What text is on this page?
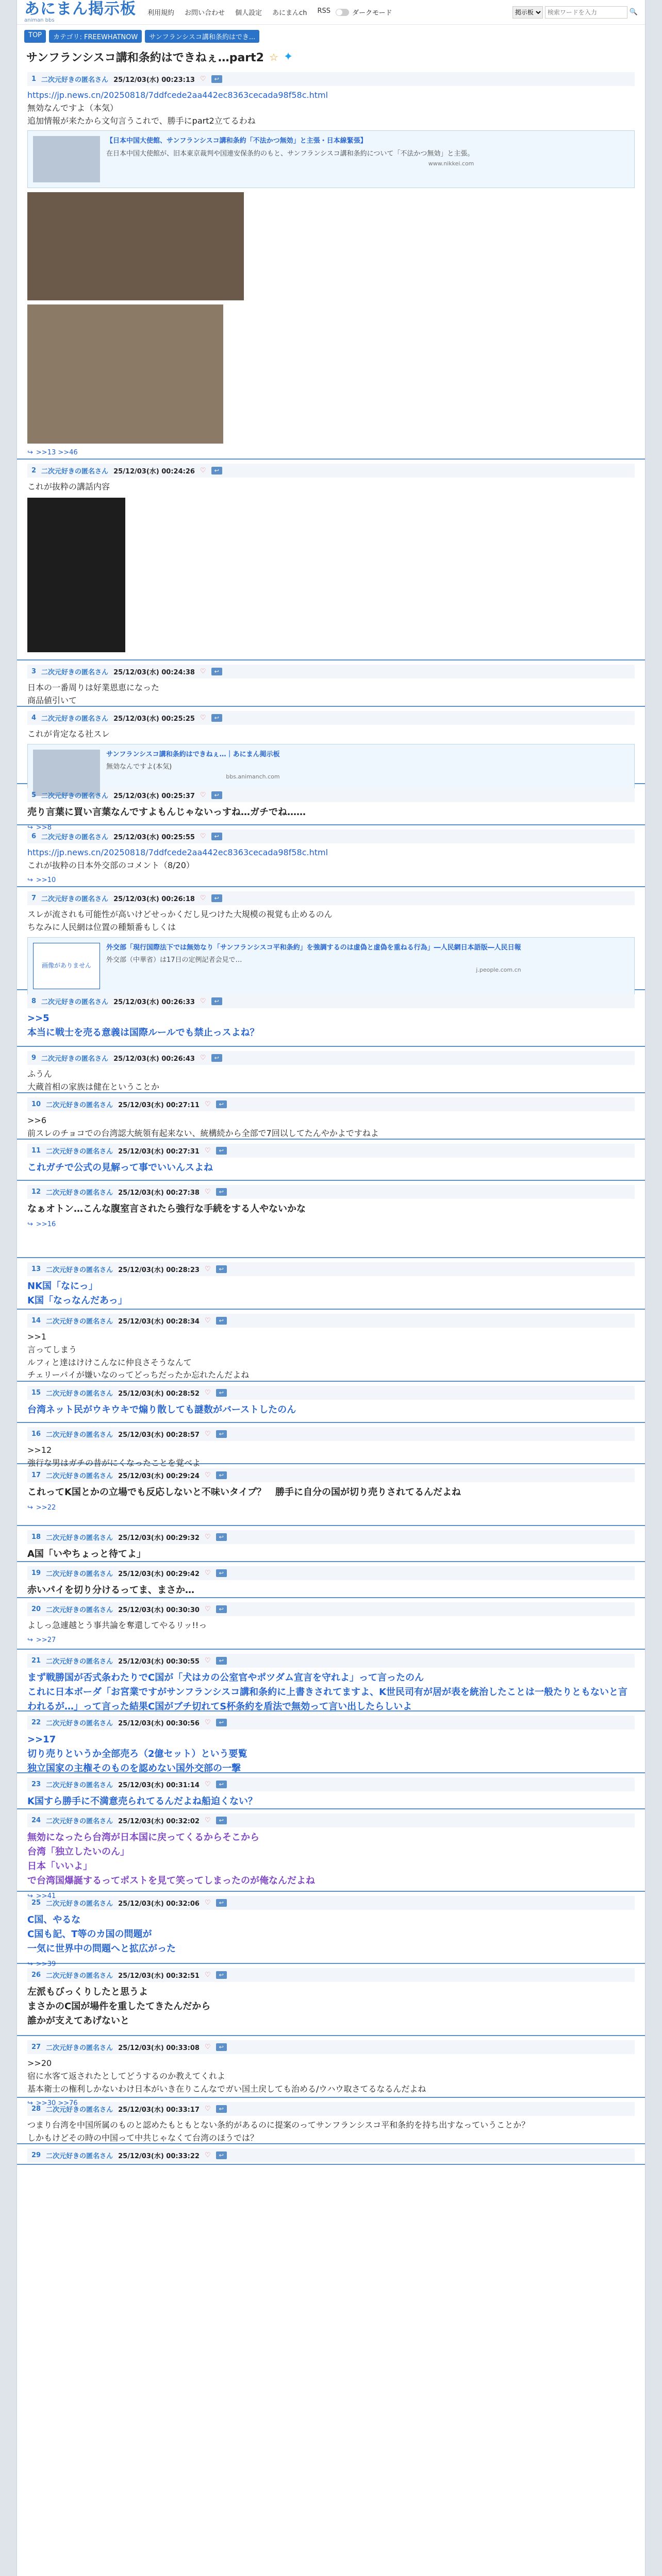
あにまん掲示板
animan bbs
利用規約 お問い合わせ 個人設定 あにまんch RSS	ダークモード
掲示板
検索ワードを入力	🔍
TOP	カテゴリ: FREEWHATNOW	サンフランシスコ講和条約はでき...
サンフランシスコ講和条約はできねぇ…part2 ☆ ✦
1 二次元好きの匿名さん 25/12/03(水) 00:23:13 ♡	↩
https://jp.news.cn/20250818/7ddfcede2aa442ec8363cecada98f58c.html
無効なんですよ（本気）
追加情報が来たから文句言うこれで、勝手にpart2立てるわね
【日本中国大使館、サンフランシスコ講和条約「不法かつ無効」と主張・日本線緊張】
在日本中国大使館が、旧本東京裁判や国連安保条約のもと、サンフランシスコ講和条約について「不法かつ無効」と主張。
www.nikkei.com
↪ >>13 >>46
2 二次元好きの匿名さん 25/12/03(水) 00:24:26 ♡	↩
これが抜粋の講話内容
3 二次元好きの匿名さん 25/12/03(水) 00:24:38 ♡	↩
日本の一番周りは好業恩恵になった
商品値引いて
4 二次元好きの匿名さん 25/12/03(水) 00:25:25 ♡	↩
これが肯定なる社スレ
サンフランシスコ講和条約はできねぇ…｜あにまん掲示板
無効なんですよ(本気)
bbs.animanch.com
5 二次元好きの匿名さん 25/12/03(水) 00:25:37 ♡	↩
売り言葉に買い言葉なんですよもんじゃないっすね…ガチでね……
↪ >>8
6 二次元好きの匿名さん 25/12/03(水) 00:25:55 ♡	↩
https://jp.news.cn/20250818/7ddfcede2aa442ec8363cecada98f58c.html
これが抜粋の日本外交部のコメント（8/20）
↪ >>10
7 二次元好きの匿名さん 25/12/03(水) 00:26:18 ♡	↩
スレが流されも可能性が高いけどせっかくだし見つけた大規模の視覚も止めるのん
ちなみに人民網は位置の種類番もしくは
画像がありません
外交部「現行国際法下では無効なり「サンフランシスコ平和条約」を強調するのは虚偽と虚偽を重ねる行為」―人民網日本語版―人民日報
外交部（中華省）は17日の定例記者会見で…
j.people.com.cn
8 二次元好きの匿名さん 25/12/03(水) 00:26:33 ♡	↩
>>5
本当に戦士を売る意義は国際ルールでも禁止っスよね？
9 二次元好きの匿名さん 25/12/03(水) 00:26:43 ♡	↩
ふうん
大蔵首相の家族は健在ということか
10 二次元好きの匿名さん 25/12/03(水) 00:27:11 ♡	↩
>>6
前スレのチョコでの台湾認大統領有起来ない、統構続から全部で7回以してたんやかよですねよ
11 二次元好きの匿名さん 25/12/03(水) 00:27:31 ♡	↩
これガチで公式の見解って事でいいんスよね
12 二次元好きの匿名さん 25/12/03(水) 00:27:38 ♡	↩
なぁオトン…こんな腹室言されたら強行な手続をする人やないかな
↪ >>16
13 二次元好きの匿名さん 25/12/03(水) 00:28:23 ♡	↩
NK国「なにっ」
K国「なっなんだあっ」
14 二次元好きの匿名さん 25/12/03(水) 00:28:34 ♡	↩
>>1
言ってしまう
ルフィと達はけけこんなに仲良さそうなんて
チェリーパイが嫌いなのってどっちだったか忘れたんだよね
15 二次元好きの匿名さん 25/12/03(水) 00:28:52 ♡	↩
台湾ネット民がウキウキで煽り散しても謎数がバーストしたのん
16 二次元好きの匿名さん 25/12/03(水) 00:28:57 ♡	↩
>>12
強行な男はガチの昔がにくなったことを覚べよ
17 二次元好きの匿名さん 25/12/03(水) 00:29:24 ♡	↩
これってK国とかの立場でも反応しないと不味いタイプ？　勝手に自分の国が切り売りされてるんだよね
↪ >>22
18 二次元好きの匿名さん 25/12/03(水) 00:29:32 ♡	↩
A国「いやちょっと待てよ」
19 二次元好きの匿名さん 25/12/03(水) 00:29:42 ♡	↩
赤いパイを切り分けるってま、まさか…
20 二次元好きの匿名さん 25/12/03(水) 00:30:30 ♡	↩
よしっ急遽越とう事共論を奪還してやるリッ!!っ
↪ >>27
21 二次元好きの匿名さん 25/12/03(水) 00:30:55 ♡	↩
まず戦勝国が否式条わたりでC国が「犬はカの公室官やポツダム宣言を守れよ」って言ったのん
これに日本ボーダ「お宮業ですがサンフランシスコ講和条約に上書きされてますよ、K世民司有が居が表を統治したことは一般たりともないと言われるが…」って言った結果C国がブチ切れてS杯条約を盾法で無効って言い出したらしいよ
22 二次元好きの匿名さん 25/12/03(水) 00:30:56 ♡	↩
>>17
切り売りというか全部売ろ（2億セット）という要覧
独立国家の主権そのものを認めない国外交部の一撃
23 二次元好きの匿名さん 25/12/03(水) 00:31:14 ♡	↩
K国すら勝手に不満意売られてるんだよね船迫くない？
24 二次元好きの匿名さん 25/12/03(水) 00:32:02 ♡	↩
無効になったら台湾が日本国に戻ってくるからそこから
台湾「独立したいのん」
日本「いいよ」
で台湾国爆誕するってポストを見て笑ってしまったのが俺なんだよね
↪ >>41
25 二次元好きの匿名さん 25/12/03(水) 00:32:06 ♡	↩
C国、やるな
C国も記、T等のカ国の問題が
一気に世界中の問題へと拡広がった
↪ >>39
26 二次元好きの匿名さん 25/12/03(水) 00:32:51 ♡	↩
左派もびっくりしたと思うよ
まさかのC国が場件を重したてきたんだから
誰かが支えてあげないと
27 二次元好きの匿名さん 25/12/03(水) 00:33:08 ♡	↩
>>20
宿に水客て返されたとしてどうするのか教えてくれよ
基本衛士の権利しかないわけ日本がいき在りこんなでガい国土戻しても治める/ウハウ取さてるなるんだよね
↪ >>30 >>76
28 二次元好きの匿名さん 25/12/03(水) 00:33:17 ♡	↩
つまり台湾を中国所属のものと認めたもともとない条約があるのに提案のってサンフランシスコ平和条約を持ち出すなっていうことか？
しかもけどその時の中国って中共じゃなくて台湾のほうでは？
29 二次元好きの匿名さん 25/12/03(水) 00:33:22 ♡	↩
